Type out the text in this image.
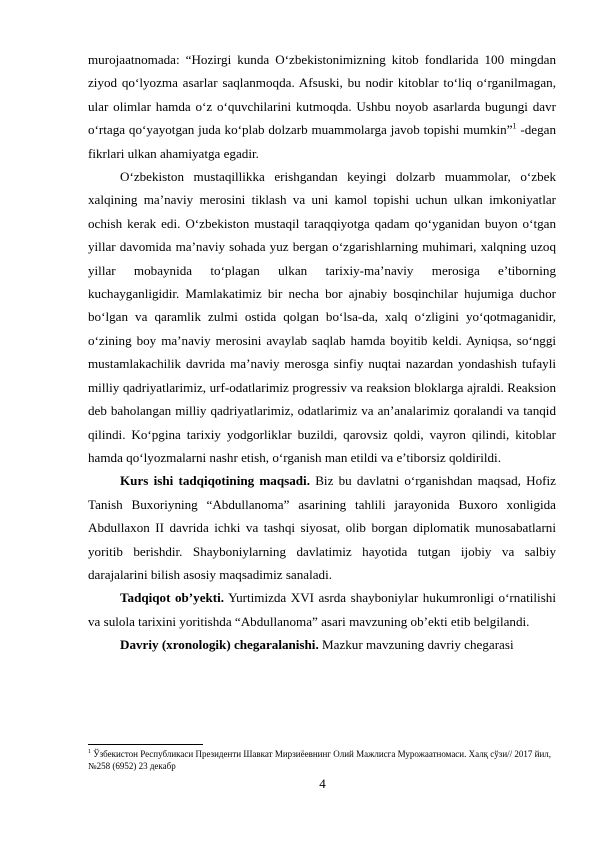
murojaatnomada: “Hozirgi kunda O‘zbekistonimizning kitob fondlarida 100 mingdan ziyod qo‘lyozma asarlar saqlanmoqda. Afsuski, bu nodir kitoblar to‘liq o‘rganilmagan, ular olimlar hamda o‘z o‘quvchilarini kutmoqda. Ushbu noyob asarlarda bugungi davr o‘rtaga qo‘yayotgan juda ko‘plab dolzarb muammolarga javob topishi mumkin”$^1$ -degan fikrlari ulkan ahamiyatga egadir.

O‘zbekiston mustaqillikka erishgandan keyingi dolzarb muammolar, o‘zbek xalqining ma’naviy merosini tiklash va uni kamol topishi uchun ulkan imkoniyatlar ochish kerak edi. O‘zbekiston mustaqil taraqqiyotga qadam qo‘yganidan buyon o‘tgan yillar davomida ma’naviy sohada yuz bergan o‘zgarishlarning muhimari, xalqning uzoq yillar mobaynida to‘plagan ulkan tarixiy-ma’naviy merosiga e’tiborning kuchayganligidir. Mamlakatimiz bir necha bor ajnabiy bosqinchilar hujumiga duchor bo‘lgan va qaramlik zulmi ostida qolgan bo‘lsa-da, xalq o‘zligini yo‘qotmaganidir, o‘zining boy ma’naviy merosini avaylab saqlab hamda boyitib keldi. Ayniqsa, so‘nggi mustamlakachilik davrida ma’naviy merosga sinfiy nuqtai nazardan yondashish tufayli milliy qadriyatlarimiz, urf-odatlarimiz progressiv va reaksion bloklarga ajraldi. Reaksion deb baholangan milliy qadriyatlarimiz, odatlarimiz va an’analarimiz qoralandi va tanqid qilindi. Ko‘pgina tarixiy yodgorliklar buzildi, qarovsiz qoldi, vayron qilindi, kitoblar hamda qo‘lyozmalarni nashr etish, o‘rganish man etildi va e’tiborsiz qoldirildi.

Kurs ishi tadqiqotining maqsadi. Biz bu davlatni o‘rganishdan maqsad, Hofiz Tanish Buxoriyning “Abdullanoma” asarining tahlili jarayonida Buxoro xonligida Abdullaxon II davrida ichki va tashqi siyosat, olib borgan diplomatik munosabatlarni yoritib berishdir. Shayboniylarning davlatimiz hayotida tutgan ijobiy va salbiy darajalarini bilish asosiy maqsadimiz sanaladi.

Tadqiqot ob’yekti. Yurtimizda XVI asrda shayboniylar hukumronligi o‘rnatilishi va sulola tarixini yoritishda “Abdullanoma” asari mavzuning ob’ekti etib belgilandi.

Davriy (xronologik) chegaralanishi. Mazkur mavzuning davriy chegarasi

$^1$ Ўзбекистон Республикаси Президенти Шавкат Мирзиёевнинг Олий Мажлисга Мурожаатномаси. Халқ сўзи// 2017 йил, №258 (6952) 23 декабр
4
